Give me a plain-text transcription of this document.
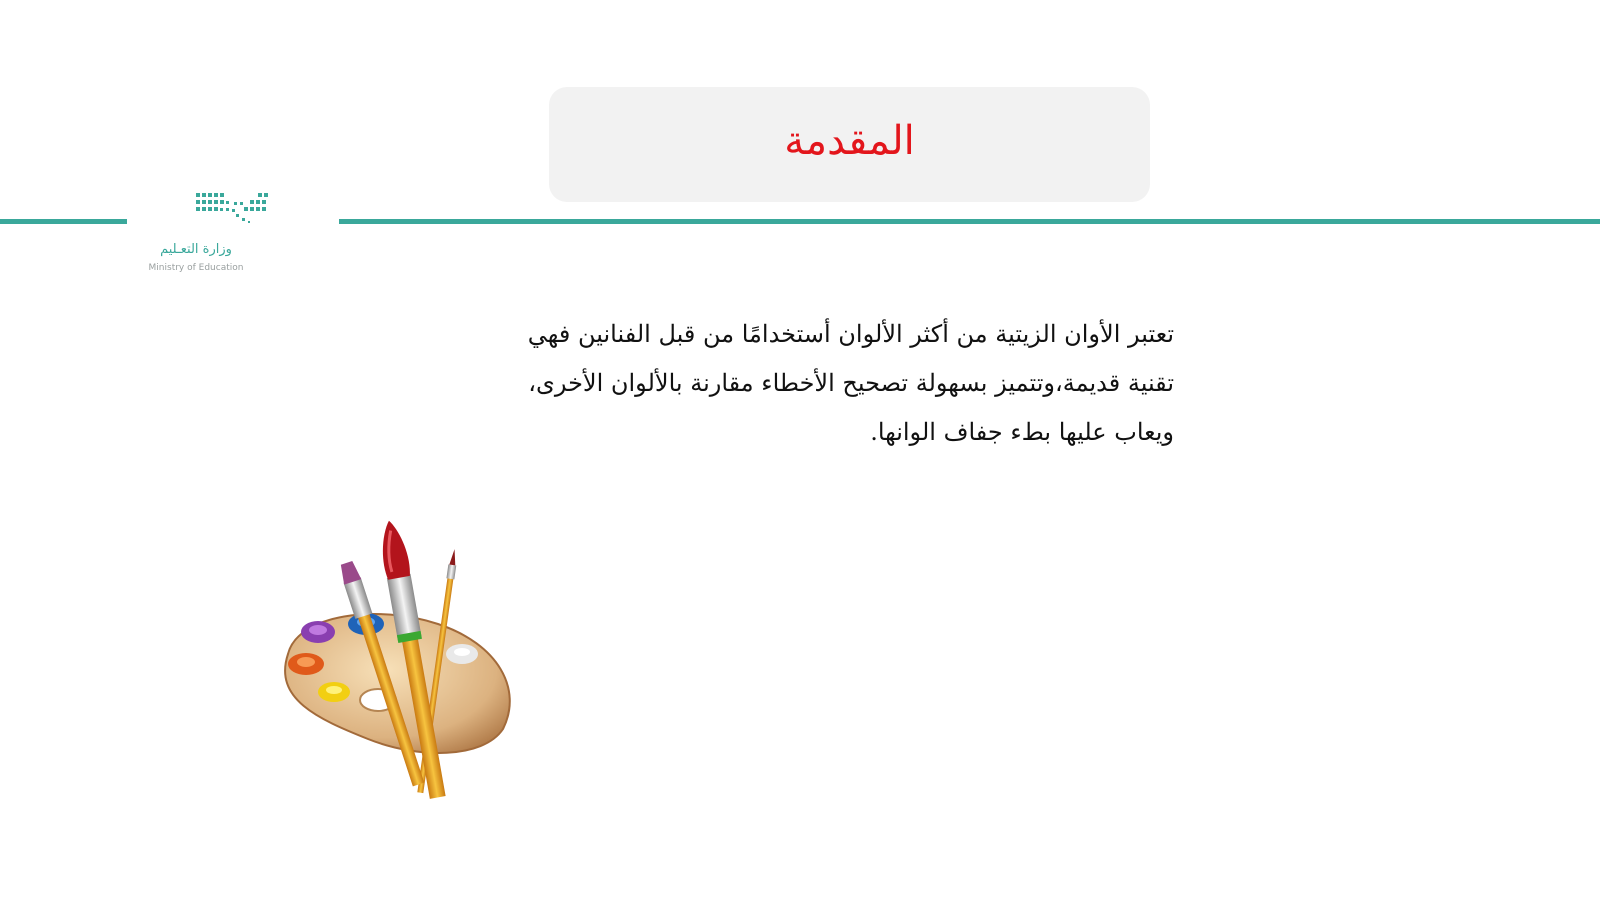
وزارة التعـليم
Ministry of Education
المقدمة
تعتبر الأوان الزيتية من أكثر الألوان أستخدامًا من قبل الفنانين فهي
تقنية قديمة،وتتميز بسهولة تصحيح الأخطاء مقارنة بالألوان الأخرى،
ويعاب عليها بطء جفاف الوانها.
